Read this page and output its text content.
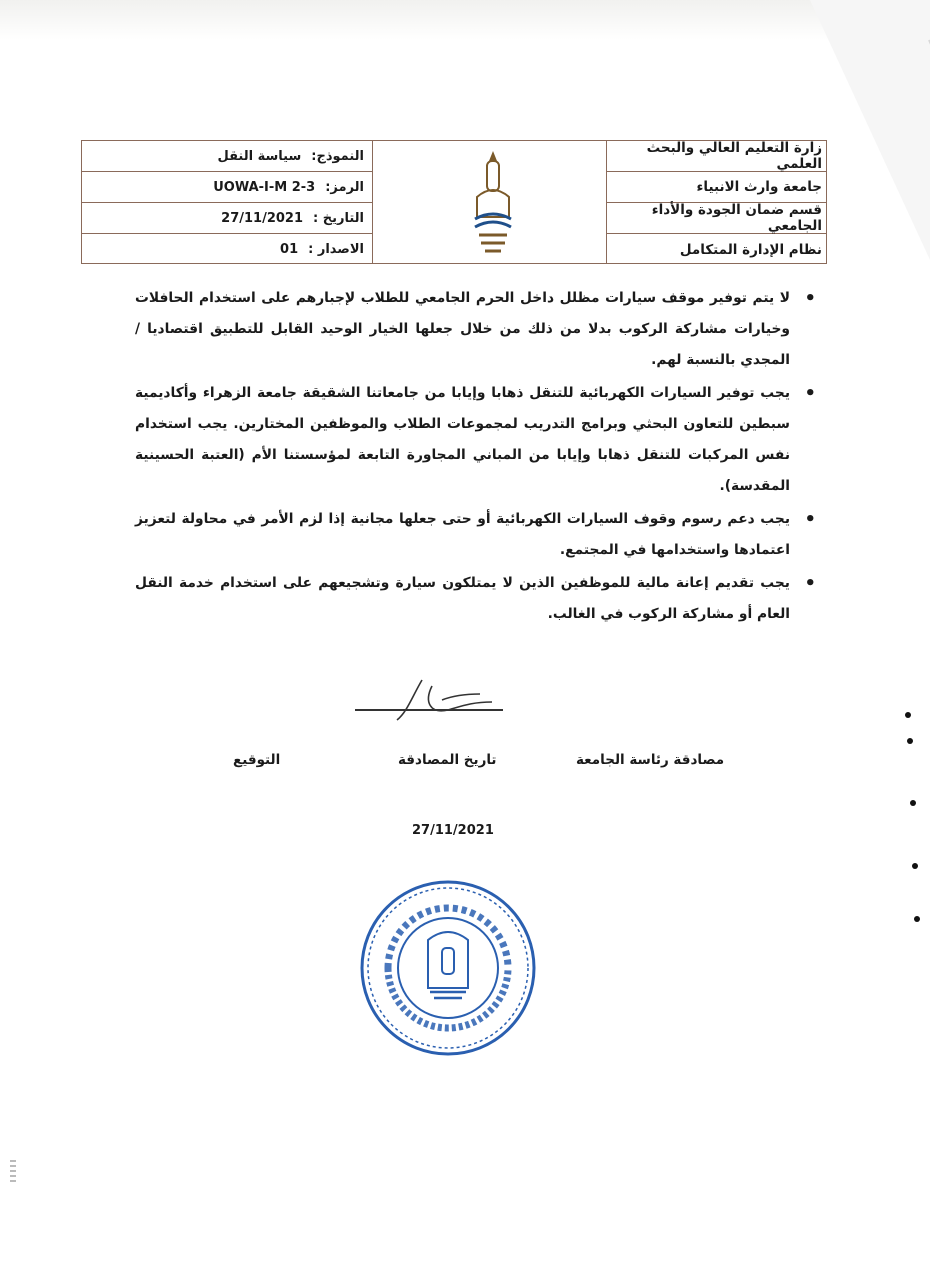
النموذج:
سياسة النقل
الرمز:
UOWA-I-M 2-3
التاريخ :
27/11/2021
الاصدار :
01
زارة التعليم العالي والبحث العلمي
جامعة وارث الانبياء
قسم ضمان الجودة والأداء الجامعي
نظام الإدارة المتكامل
• لا يتم توفير موقف سيارات مظلل داخل الحرم الجامعي للطلاب لإجبارهم على استخدام الحافلات وخيارات مشاركة الركوب بدلا من ذلك من خلال جعلها الخيار الوحيد القابل للتطبيق اقتصاديا / المجدي بالنسبة لهم.
• يجب توفير السيارات الكهربائية للتنقل ذهابا وإيابا من جامعاتنا الشقيقة جامعة الزهراء وأكاديمية سبطين للتعاون البحثي وبرامج التدريب لمجموعات الطلاب والموظفين المختارين. يجب استخدام نفس المركبات للتنقل ذهابا وإيابا من المباني المجاورة التابعة لمؤسستنا الأم (العتبة الحسينية المقدسة).
• يجب دعم رسوم وقوف السيارات الكهربائية أو حتى جعلها مجانية إذا لزم الأمر في محاولة لتعزيز اعتمادها واستخدامها في المجتمع.
• يجب تقديم إعانة مالية للموظفين الذين لا يمتلكون سيارة وتشجيعهم على استخدام خدمة النقل العام أو مشاركة الركوب في الغالب.
مصادقة رئاسة الجامعة
تاريخ المصادقة
التوقيع
27/11/2021
